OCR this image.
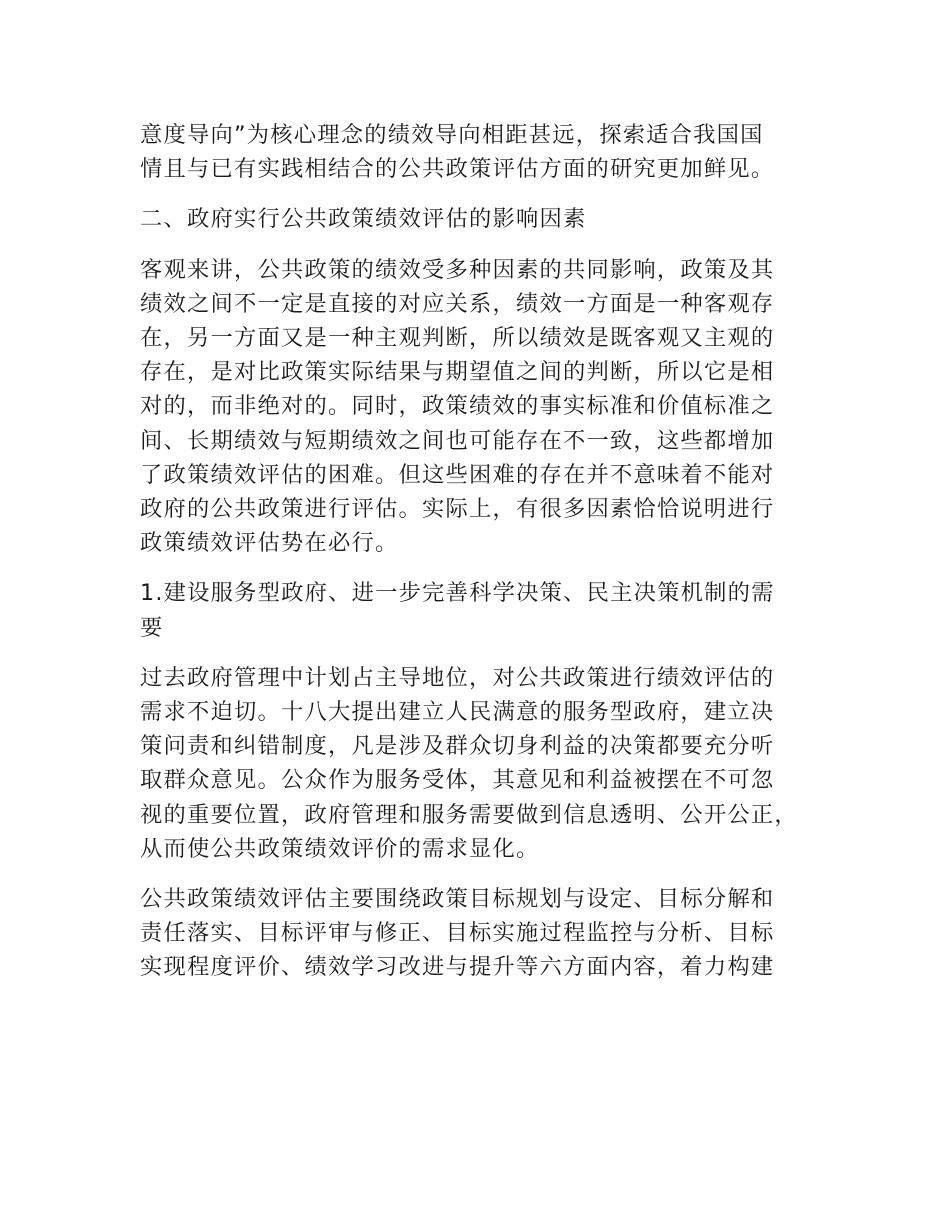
意度导向”为核心理念的绩效导向相距甚远，探索适合我国国
情且与已有实践相结合的公共政策评估方面的研究更加鲜见。

二、政府实行公共政策绩效评估的影响因素

客观来讲，公共政策的绩效受多种因素的共同影响，政策及其
绩效之间不一定是直接的对应关系，绩效一方面是一种客观存
在，另一方面又是一种主观判断，所以绩效是既客观又主观的
存在，是对比政策实际结果与期望值之间的判断，所以它是相
对的，而非绝对的。同时，政策绩效的事实标准和价值标准之
间、长期绩效与短期绩效之间也可能存在不一致，这些都增加
了政策绩效评估的困难。但这些困难的存在并不意味着不能对
政府的公共政策进行评估。实际上，有很多因素恰恰说明进行
政策绩效评估势在必行。

1.建设服务型政府、进一步完善科学决策、民主决策机制的需
要

过去政府管理中计划占主导地位，对公共政策进行绩效评估的
需求不迫切。十八大提出建立人民满意的服务型政府，建立决
策问责和纠错制度，凡是涉及群众切身利益的决策都要充分听
取群众意见。公众作为服务受体，其意见和利益被摆在不可忽
视的重要位置，政府管理和服务需要做到信息透明、公开公正，
从而使公共政策绩效评价的需求显化。

公共政策绩效评估主要围绕政策目标规划与设定、目标分解和
责任落实、目标评审与修正、目标实施过程监控与分析、目标
实现程度评价、绩效学习改进与提升等六方面内容，着力构建
